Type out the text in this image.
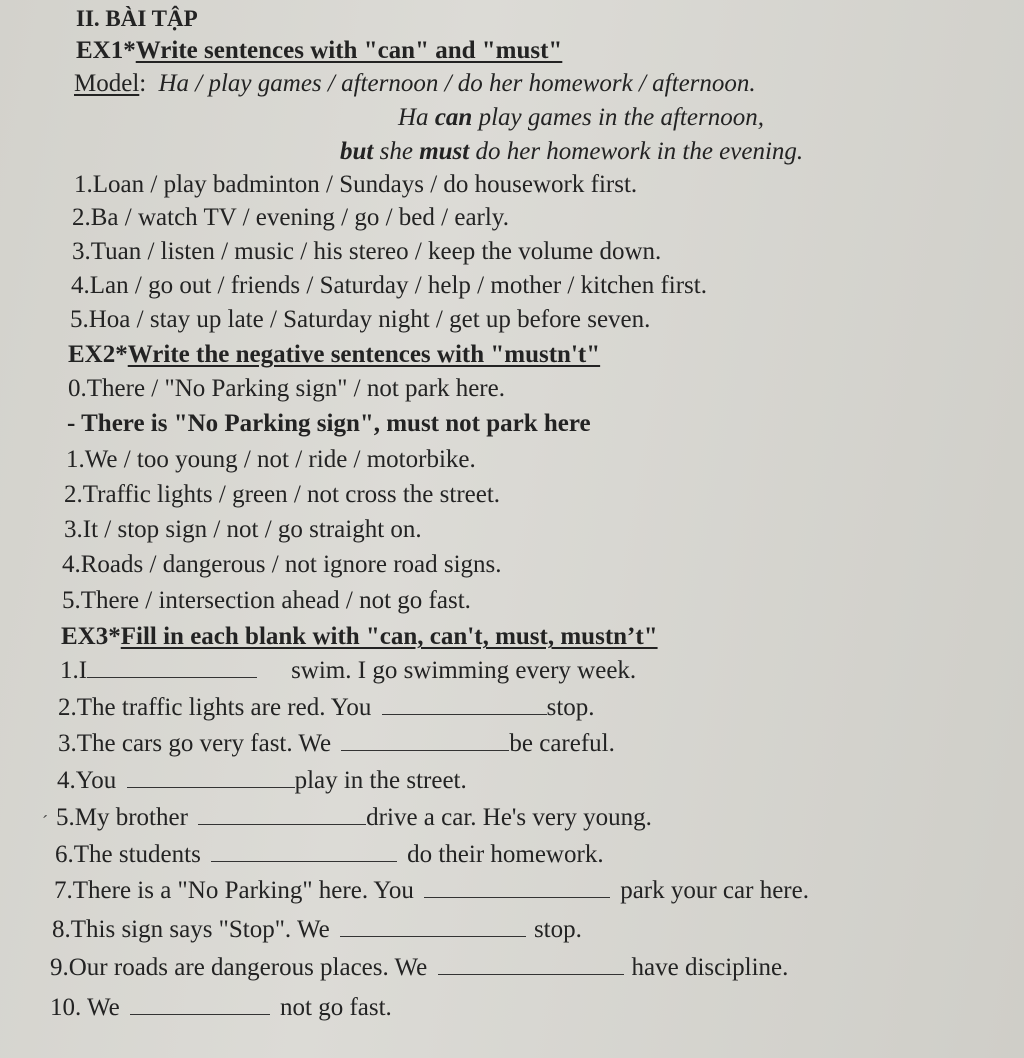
II. BÀI TẬP
EX1*Write sentences with "can" and "must"
Model: Ha / play games / afternoon / do her homework / afternoon.
Ha can play games in the afternoon,
but she must do her homework in the evening.
1.Loan / play badminton / Sundays / do housework first.
2.Ba / watch TV / evening / go / bed / early.
3.Tuan / listen / music / his stereo / keep the volume down.
4.Lan / go out / friends / Saturday / help / mother / kitchen first.
5.Hoa / stay up late / Saturday night / get up before seven.
EX2*Write the negative sentences with "mustn't"
0.There / "No Parking sign" / not park here.
- There is "No Parking sign", must not park here
1.We / too young / not / ride / motorbike.
2.Traffic lights / green / not cross the street.
3.It / stop sign / not / go straight on.
4.Roads / dangerous / not ignore road signs.
5.There / intersection ahead / not go fast.
EX3*Fill in each blank with "can, can't, must, mustn’t"
1.I	swim. I go swimming every week.
2.The traffic lights are red. You	stop.
3.The cars go very fast. We	be careful.
4.You	play in the street.
´ 5.My brother	drive a car. He's very young.
6.The students	do their homework.
7.There is a "No Parking" here. You	park your car here.
8.This sign says "Stop". We	stop.
9.Our roads are dangerous places. We	have discipline.
10. We	not go fast.
